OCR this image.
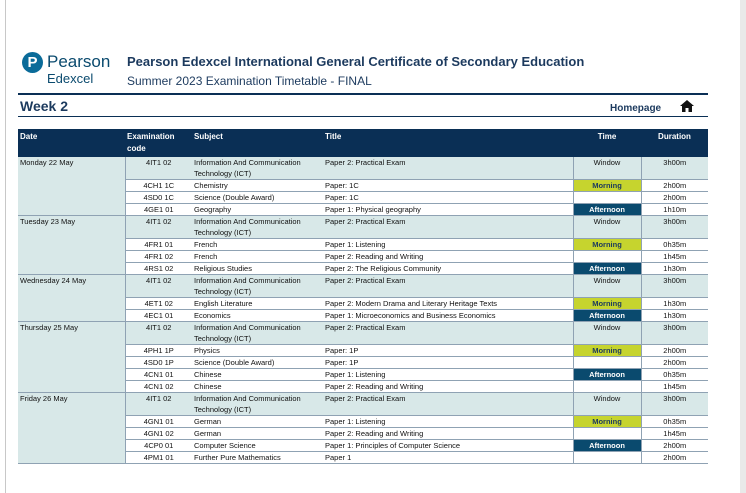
P Pearson
Edexcel
Pearson Edexcel International General Certificate of Secondary Education
Summer 2023 Examination Timetable - FINAL
Week 2	Homepage
Date	Examination code	Subject	Title	Time	Duration
Monday 22 May	4IT1 02	Information And Communication Technology (ICT)	Paper 2: Practical Exam	Window	3h00m
	4CH1 1C	Chemistry	Paper: 1C	Morning	2h00m
	4SD0 1C	Science (Double Award)	Paper: 1C		2h00m
	4GE1 01	Geography	Paper 1: Physical geography	Afternoon	1h10m
Tuesday 23 May	4IT1 02	Information And Communication Technology (ICT)	Paper 2: Practical Exam	Window	3h00m
	4FR1 01	French	Paper 1: Listening	Morning	0h35m
	4FR1 02	French	Paper 2: Reading and Writing		1h45m
	4RS1 02	Religious Studies	Paper 2: The Religious Community	Afternoon	1h30m
Wednesday 24 May	4IT1 02	Information And Communication Technology (ICT)	Paper 2: Practical Exam	Window	3h00m
	4ET1 02	English Literature	Paper 2: Modern Drama and Literary Heritage Texts	Morning	1h30m
	4EC1 01	Economics	Paper 1: Microeconomics and Business Economics	Afternoon	1h30m
Thursday 25 May	4IT1 02	Information And Communication Technology (ICT)	Paper 2: Practical Exam	Window	3h00m
	4PH1 1P	Physics	Paper: 1P	Morning	2h00m
	4SD0 1P	Science (Double Award)	Paper: 1P		2h00m
	4CN1 01	Chinese	Paper 1: Listening	Afternoon	0h35m
	4CN1 02	Chinese	Paper 2: Reading and Writing		1h45m
Friday 26 May	4IT1 02	Information And Communication Technology (ICT)	Paper 2: Practical Exam	Window	3h00m
	4GN1 01	German	Paper 1: Listening	Morning	0h35m
	4GN1 02	German	Paper 2: Reading and Writing		1h45m
	4CP0 01	Computer Science	Paper 1: Principles of Computer Science	Afternoon	2h00m
	4PM1 01	Further Pure Mathematics	Paper 1		2h00m
